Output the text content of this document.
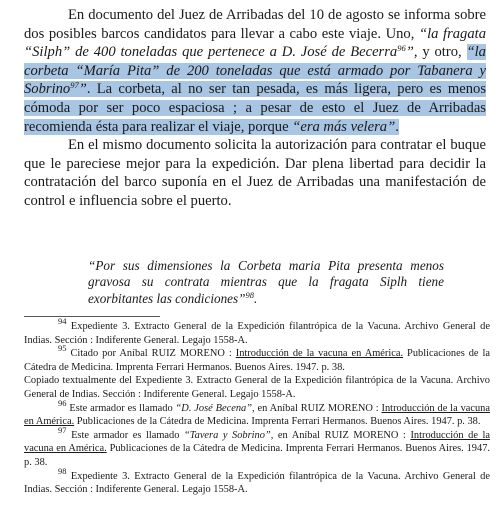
En documento del Juez de Arribadas del 10 de agosto se informa sobre dos posibles barcos candidatos para llevar a cabo este viaje. Uno, “la fragata “Silph” de 400 toneladas que pertenece a D. José de Becerra$^{96}$”, y otro, “la corbeta “María Pita” de 200 toneladas que está armado por Tabanera y Sobrino$^{97}$”. La corbeta, al no ser tan pesada, es más ligera, pero es menos cómoda por ser poco espaciosa ; a pesar de esto el Juez de Arribadas recomienda ésta para realizar el viaje, porque “era más velera”.

En el mismo documento solicita la autorización para contratar el buque que le pareciese mejor para la expedición. Dar plena libertad para decidir la contratación del barco suponía en el Juez de Arribadas una manifestación de control e influencia sobre el puerto.

“Por sus dimensiones la Corbeta maria Pita presenta menos gravosa su contrata mientras que la fragata Siplh tiene exorbitantes las condiciones”$^{98}$.

$^{94}$ Expediente 3. Extracto General de la Expedición filantrópica de la Vacuna. Archivo General de Indias. Sección : Indiferente General. Legajo 1558-A.

$^{95}$ Citado por Aníbal RUIZ MORENO : Introducción de la vacuna en América. Publicaciones de la Cátedra de Medicina. Imprenta Ferrari Hermanos. Buenos Aires. 1947. p. 38.

Copiado textualmente del Expediente 3. Extracto General de la Expedición filantrópica de la Vacuna. Archivo General de Indias. Sección : Indiferente General. Legajo 1558-A.

$^{96}$ Este armador es llamado “D. José Becena”, en Aníbal RUIZ MORENO : Introducción de la vacuna en América. Publicaciones de la Cátedra de Medicina. Imprenta Ferrari Hermanos. Buenos Aires. 1947. p. 38.

$^{97}$ Este armador es llamado “Tavera y Sobrino”, en Aníbal RUIZ MORENO : Introducción de la vacuna en América. Publicaciones de la Cátedra de Medicina. Imprenta Ferrari Hermanos. Buenos Aires. 1947. p. 38.

$^{98}$ Expediente 3. Extracto General de la Expedición filantrópica de la Vacuna. Archivo General de Indias. Sección : Indiferente General. Legajo 1558-A.
